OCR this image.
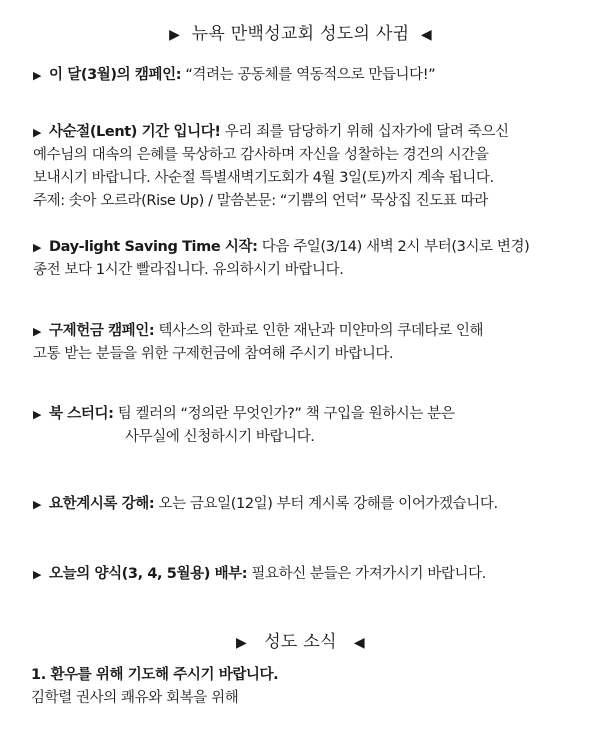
▶ 뉴욕 만백성교회 성도의 사귐 ◀
▶ 이 달(3월)의 캠페인: “격려는 공동체를 역동적으로 만듭니다!”
▶ 사순절(Lent) 기간 입니다! 우리 죄를 담당하기 위해 십자가에 달려 죽으신
예수님의 대속의 은혜를 묵상하고 감사하며 자신을 성찰하는 경건의 시간을
보내시기 바랍니다. 사순절 특별새벽기도회가 4월 3일(토)까지 계속 됩니다.
주제: 솟아 오르라(Rise Up) / 말씀본문: “기쁨의 언덕” 묵상집 진도표 따라
▶ Day-light Saving Time 시작: 다음 주일(3/14) 새벽 2시 부터(3시로 변경)
종전 보다 1시간 빨라집니다. 유의하시기 바랍니다.
▶ 구제헌금 캠페인: 텍사스의 한파로 인한 재난과 미얀마의 쿠데타로 인해
고통 받는 분들을 위한 구제헌금에 참여해 주시기 바랍니다.
▶ 북 스터디: 팀 켈러의 “정의란 무엇인가?” 책 구입을 원하시는 분은
사무실에 신청하시기 바랍니다.
▶ 요한계시록 강해: 오는 금요일(12일) 부터 계시록 강해를 이어가겠습니다.
▶ 오늘의 양식(3, 4, 5월용) 배부: 필요하신 분들은 가져가시기 바랍니다.
▶ 성도 소식 ◀
1. 환우를 위해 기도해 주시기 바랍니다.
김학렬 권사의 쾌유와 회복을 위해
